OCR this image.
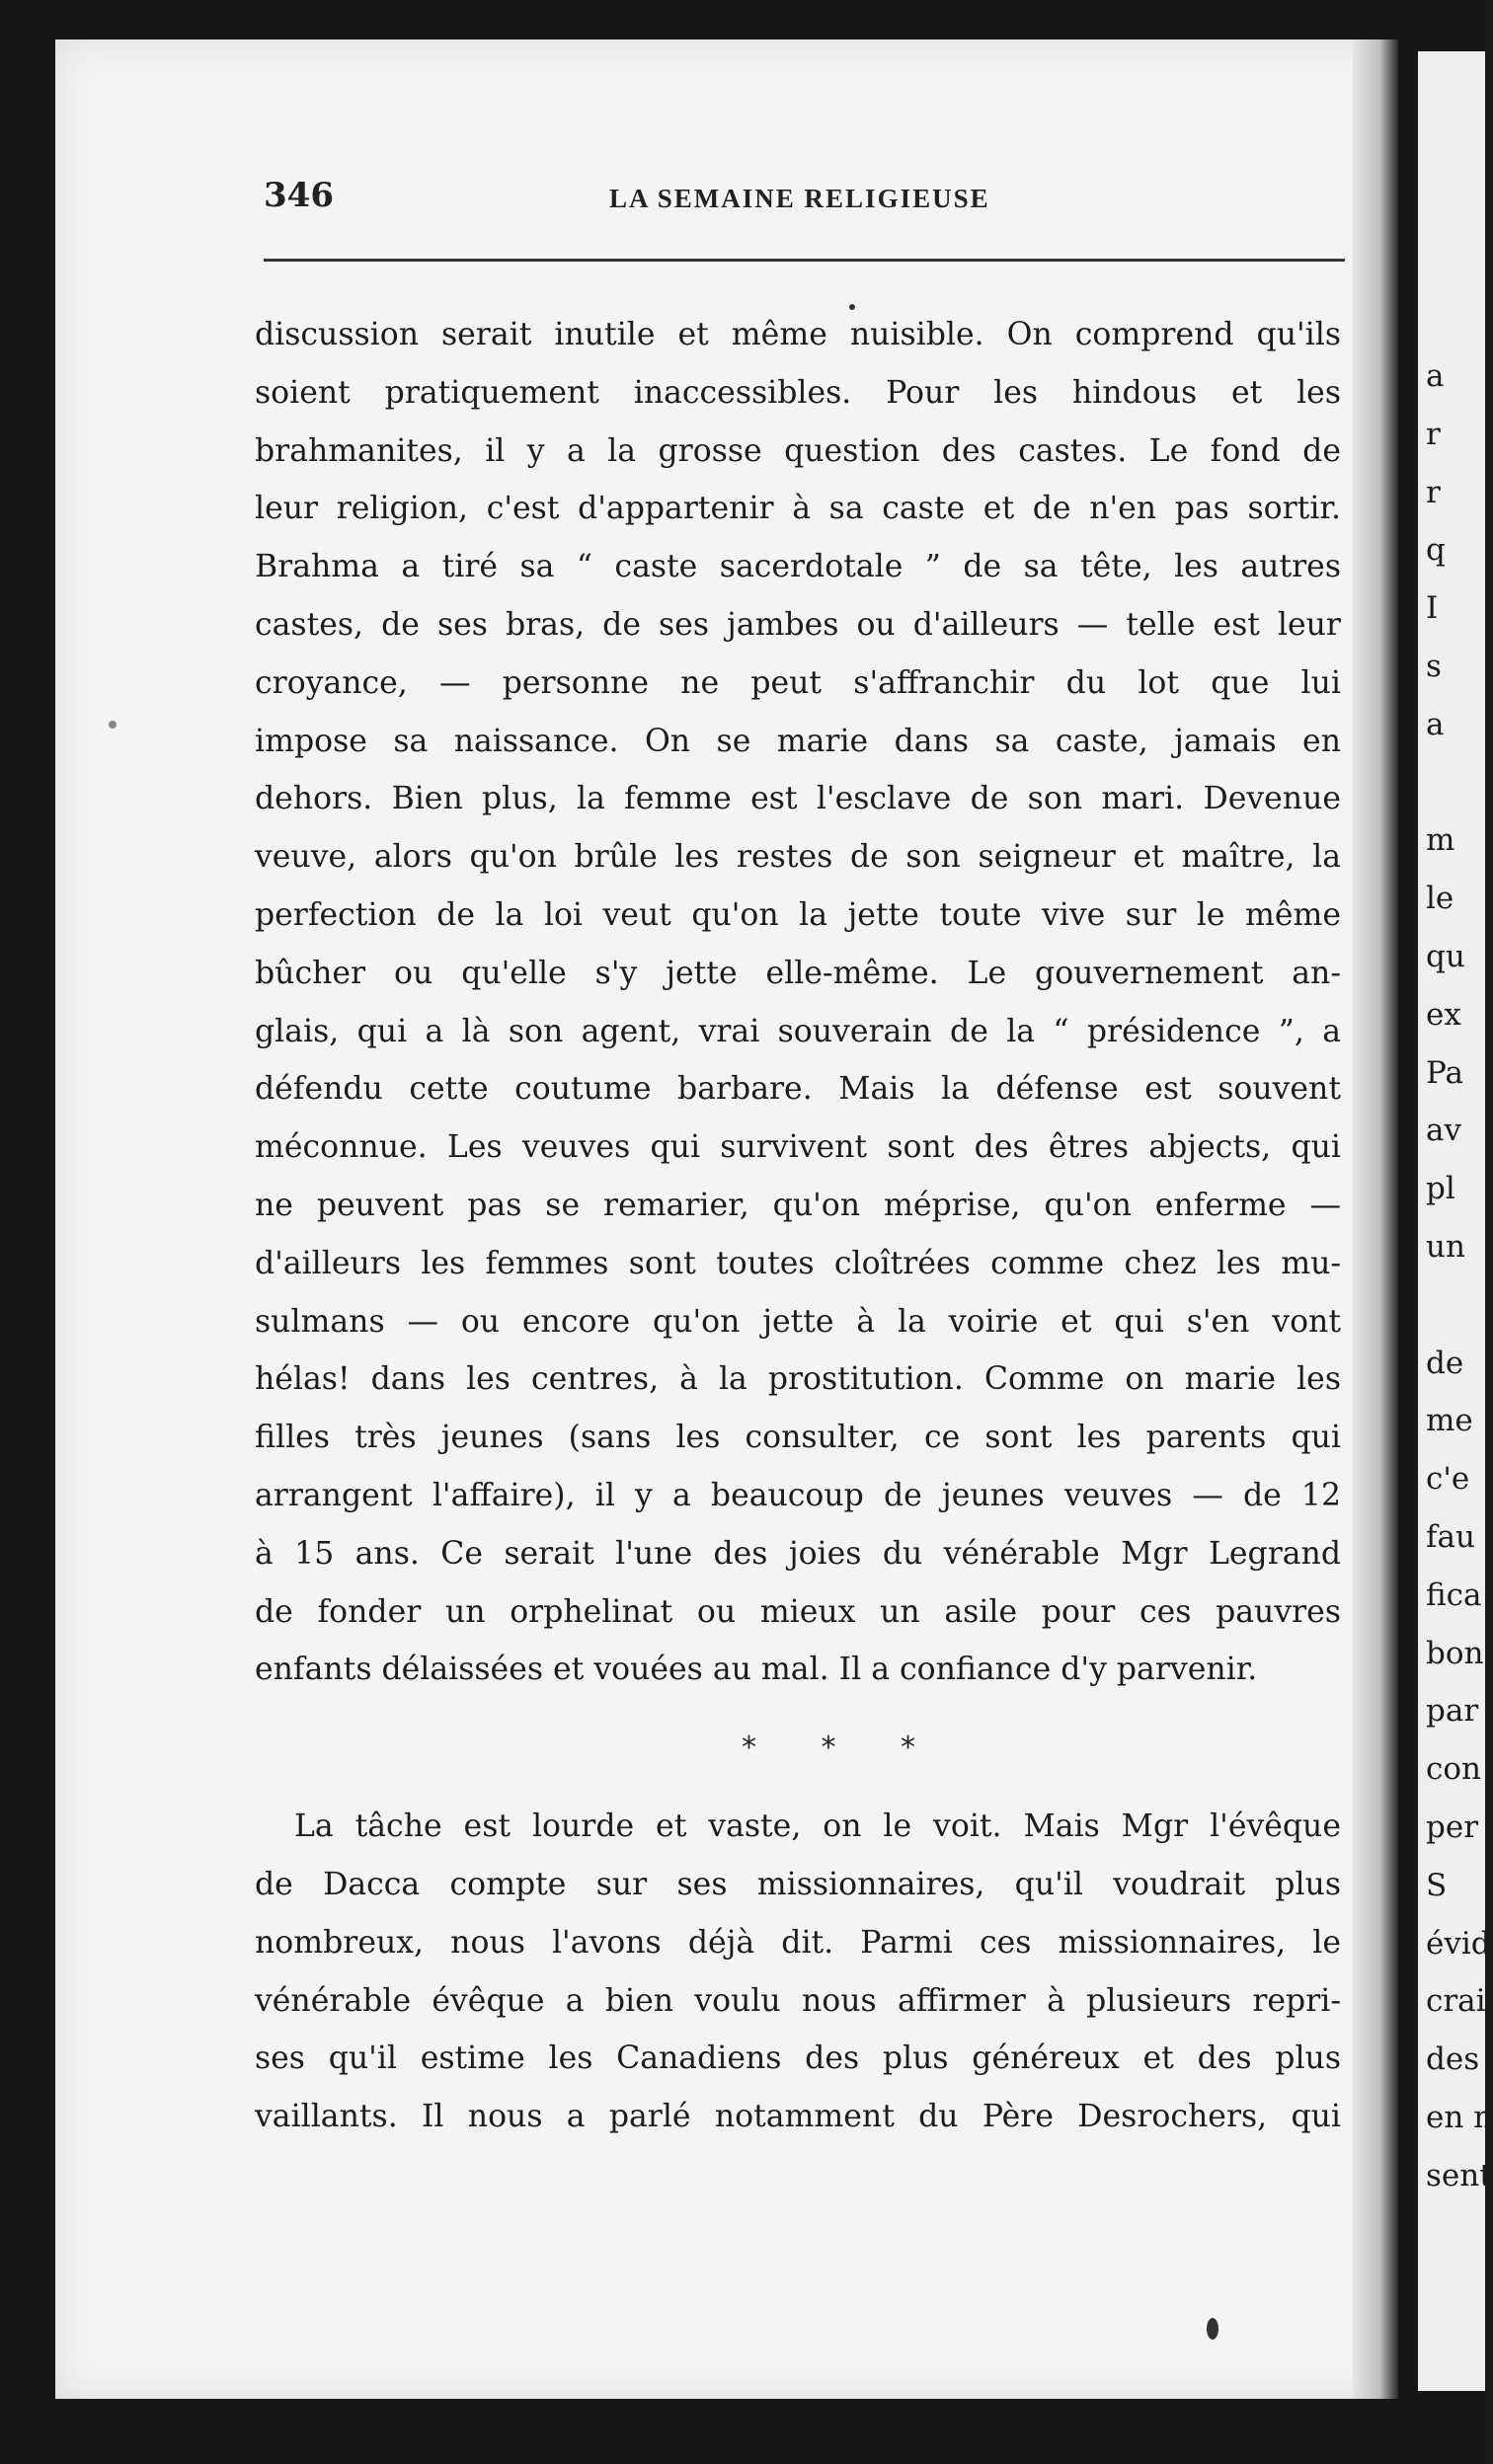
a
r
r
q
I
s
a
m
le
qu
ex
Pa
av
pl
un
de
me
c'e
fau
fica
bon
par
con
per
S
évid
crai
des
en n
sent
346	LA SEMAINE RELIGIEUSE
discussion serait inutile et même nuisible. On comprend qu'ils
soient pratiquement inaccessibles. Pour les hindous et les
brahmanites, il y a la grosse question des castes. Le fond de
leur religion, c'est d'appartenir à sa caste et de n'en pas sortir.
Brahma a tiré sa “ caste sacerdotale ” de sa tête, les autres
castes, de ses bras, de ses jambes ou d'ailleurs — telle est leur
croyance, — personne ne peut s'affranchir du lot que lui
impose sa naissance. On se marie dans sa caste, jamais en
dehors. Bien plus, la femme est l'esclave de son mari. Devenue
veuve, alors qu'on brûle les restes de son seigneur et maître, la
perfection de la loi veut qu'on la jette toute vive sur le même
bûcher ou qu'elle s'y jette elle-même. Le gouvernement an-
glais, qui a là son agent, vrai souverain de la “ présidence ”, a
défendu cette coutume barbare. Mais la défense est souvent
méconnue. Les veuves qui survivent sont des êtres abjects, qui
ne peuvent pas se remarier, qu'on méprise, qu'on enferme —
d'ailleurs les femmes sont toutes cloîtrées comme chez les mu-
sulmans — ou encore qu'on jette à la voirie et qui s'en vont
hélas! dans les centres, à la prostitution. Comme on marie les
filles très jeunes (sans les consulter, ce sont les parents qui
arrangent l'affaire), il y a beaucoup de jeunes veuves — de 12
à 15 ans. Ce serait l'une des joies du vénérable Mgr Legrand
de fonder un orphelinat ou mieux un asile pour ces pauvres
enfants délaissées et vouées au mal. Il a confiance d'y parvenir.
* * *
La tâche est lourde et vaste, on le voit. Mais Mgr l'évêque
de Dacca compte sur ses missionnaires, qu'il voudrait plus
nombreux, nous l'avons déjà dit. Parmi ces missionnaires, le
vénérable évêque a bien voulu nous affirmer à plusieurs repri-
ses qu'il estime les Canadiens des plus généreux et des plus
vaillants. Il nous a parlé notamment du Père Desrochers, qui
